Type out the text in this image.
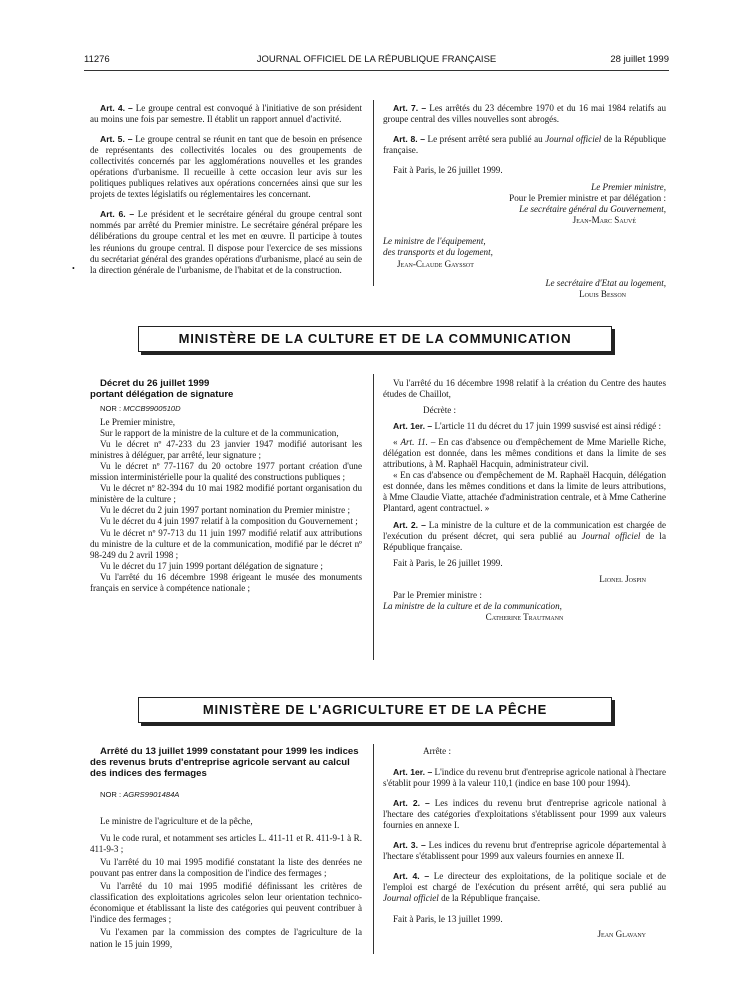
11276	JOURNAL OFFICIEL DE LA RÉPUBLIQUE FRANÇAISE	28 juillet 1999

Art. 4. – Le groupe central est convoqué à l'initiative de son président au moins une fois par semestre. Il établit un rapport annuel d'activité.

Art. 5. – Le groupe central se réunit en tant que de besoin en présence de représentants des collectivités locales ou des groupements de collectivités concernés par les agglomérations nouvelles et les grandes opérations d'urbanisme. Il recueille à cette occasion leur avis sur les politiques publiques relatives aux opérations concernées ainsi que sur les projets de textes législatifs ou réglementaires les concernant.

Art. 6. – Le président et le secrétaire général du groupe central sont nommés par arrêté du Premier ministre. Le secrétaire général prépare les délibérations du groupe central et les met en œuvre. Il participe à toutes les réunions du groupe central. Il dispose pour l'exercice de ses missions du secrétariat général des grandes opérations d'urbanisme, placé au sein de la direction générale de l'urbanisme, de l'habitat et de la construction.

•

Art. 7. – Les arrêtés du 23 décembre 1970 et du 16 mai 1984 relatifs au groupe central des villes nouvelles sont abrogés.

Art. 8. – Le présent arrêté sera publié au Journal officiel de la République française.

Fait à Paris, le 26 juillet 1999.

Le Premier ministre,

Pour le Premier ministre et par délégation :

Le secrétaire général du Gouvernement,

Jean-Marc Sauvé

Le ministre de l'équipement,

des transports et du logement,

Jean-Claude Gayssot

Le secrétaire d'Etat au logement,

Louis Besson

MINISTÈRE DE LA CULTURE ET DE LA COMMUNICATION

Décret du 26 juillet 1999
portant délégation de signature

NOR : MCCB9900510D

Le Premier ministre,

Sur le rapport de la ministre de la culture et de la communication,

Vu le décret nº 47-233 du 23 janvier 1947 modifié autorisant les ministres à déléguer, par arrêté, leur signature ;

Vu le décret nº 77-1167 du 20 octobre 1977 portant création d'une mission interministérielle pour la qualité des constructions publiques ;

Vu le décret nº 82-394 du 10 mai 1982 modifié portant organisation du ministère de la culture ;

Vu le décret du 2 juin 1997 portant nomination du Premier ministre ;

Vu le décret du 4 juin 1997 relatif à la composition du Gouvernement ;

Vu le décret nº 97-713 du 11 juin 1997 modifié relatif aux attributions du ministre de la culture et de la communication, modifié par le décret nº 98-249 du 2 avril 1998 ;

Vu le décret du 17 juin 1999 portant délégation de signature ;

Vu l'arrêté du 16 décembre 1998 érigeant le musée des monuments français en service à compétence nationale ;

Vu l'arrêté du 16 décembre 1998 relatif à la création du Centre des hautes études de Chaillot,

Décrète :

Art. 1er. – L'article 11 du décret du 17 juin 1999 susvisé est ainsi rédigé :

« Art. 11. – En cas d'absence ou d'empêchement de Mme Marielle Riche, délégation est donnée, dans les mêmes conditions et dans la limite de ses attributions, à M. Raphaël Hacquin, administrateur civil.

« En cas d'absence ou d'empêchement de M. Raphaël Hacquin, délégation est donnée, dans les mêmes conditions et dans la limite de leurs attributions, à Mme Claudie Viatte, attachée d'administration centrale, et à Mme Catherine Plantard, agent contractuel. »

Art. 2. – La ministre de la culture et de la communication est chargée de l'exécution du présent décret, qui sera publié au Journal officiel de la République française.

Fait à Paris, le 26 juillet 1999.

Lionel Jospin

Par le Premier ministre :

La ministre de la culture et de la communication,

Catherine Trautmann

MINISTÈRE DE L'AGRICULTURE ET DE LA PÊCHE

Arrêté du 13 juillet 1999 constatant pour 1999 les indices des revenus bruts d'entreprise agricole servant au calcul des indices des fermages

NOR : AGRS9901484A

Le ministre de l'agriculture et de la pêche,

Vu le code rural, et notamment ses articles L. 411-11 et R. 411-9-1 à R. 411-9-3 ;

Vu l'arrêté du 10 mai 1995 modifié constatant la liste des denrées ne pouvant pas entrer dans la composition de l'indice des fermages ;

Vu l'arrêté du 10 mai 1995 modifié définissant les critères de classification des exploitations agricoles selon leur orientation technico-économique et établissant la liste des catégories qui peuvent contribuer à l'indice des fermages ;

Vu l'examen par la commission des comptes de l'agriculture de la nation le 15 juin 1999,

Arrête :

Art. 1er. – L'indice du revenu brut d'entreprise agricole national à l'hectare s'établit pour 1999 à la valeur 110,1 (indice en base 100 pour 1994).

Art. 2. – Les indices du revenu brut d'entreprise agricole national à l'hectare des catégories d'exploitations s'établissent pour 1999 aux valeurs fournies en annexe I.

Art. 3. – Les indices du revenu brut d'entreprise agricole départemental à l'hectare s'établissent pour 1999 aux valeurs fournies en annexe II.

Art. 4. – Le directeur des exploitations, de la politique sociale et de l'emploi est chargé de l'exécution du présent arrêté, qui sera publié au Journal officiel de la République française.

Fait à Paris, le 13 juillet 1999.

Jean Glavany
